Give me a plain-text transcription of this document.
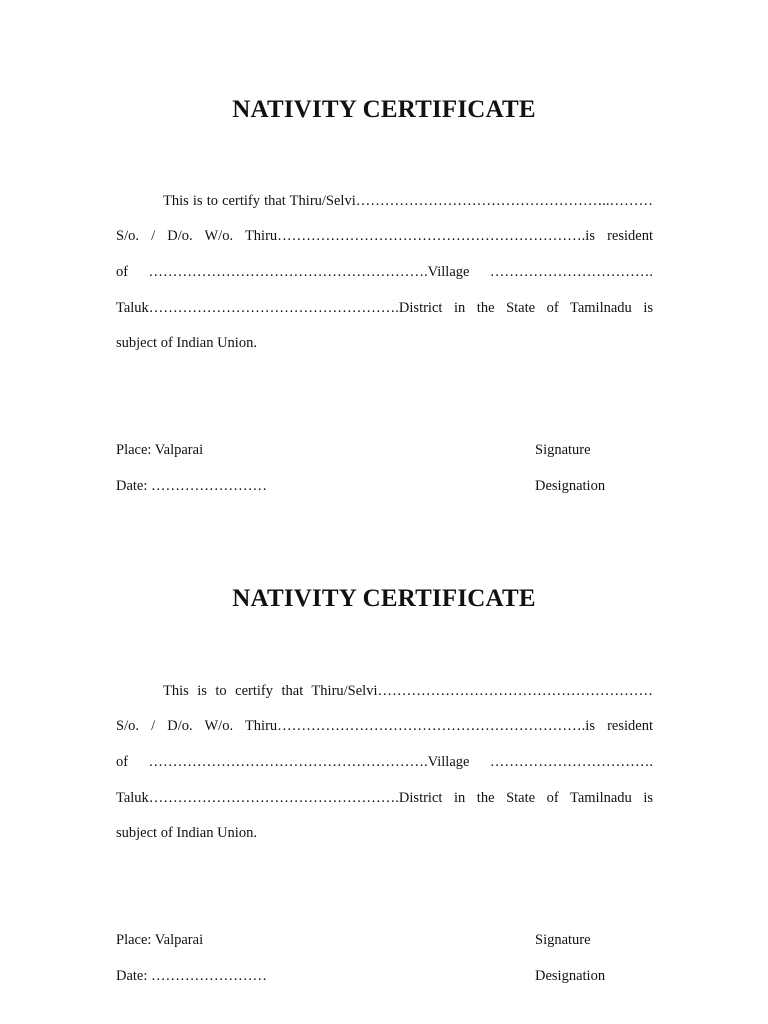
NATIVITY CERTIFICATE
This is to certify that Thiru/Selvi……………………………………………..………
S/o. / D/o. W/o. Thiru……………………………………………………….is resident
of ………………………………………………….Village …………………………….
Taluk…………………………………………….District in the State of Tamilnadu is
subject of Indian Union.
Place: Valparai
Date: ……………………
Signature
Designation
NATIVITY CERTIFICATE
This is to certify that Thiru/Selvi…………………………………………………
S/o. / D/o. W/o. Thiru……………………………………………………….is resident
of ………………………………………………….Village …………………………….
Taluk…………………………………………….District in the State of Tamilnadu is
subject of Indian Union.
Place: Valparai
Date: ……………………
Signature
Designation
